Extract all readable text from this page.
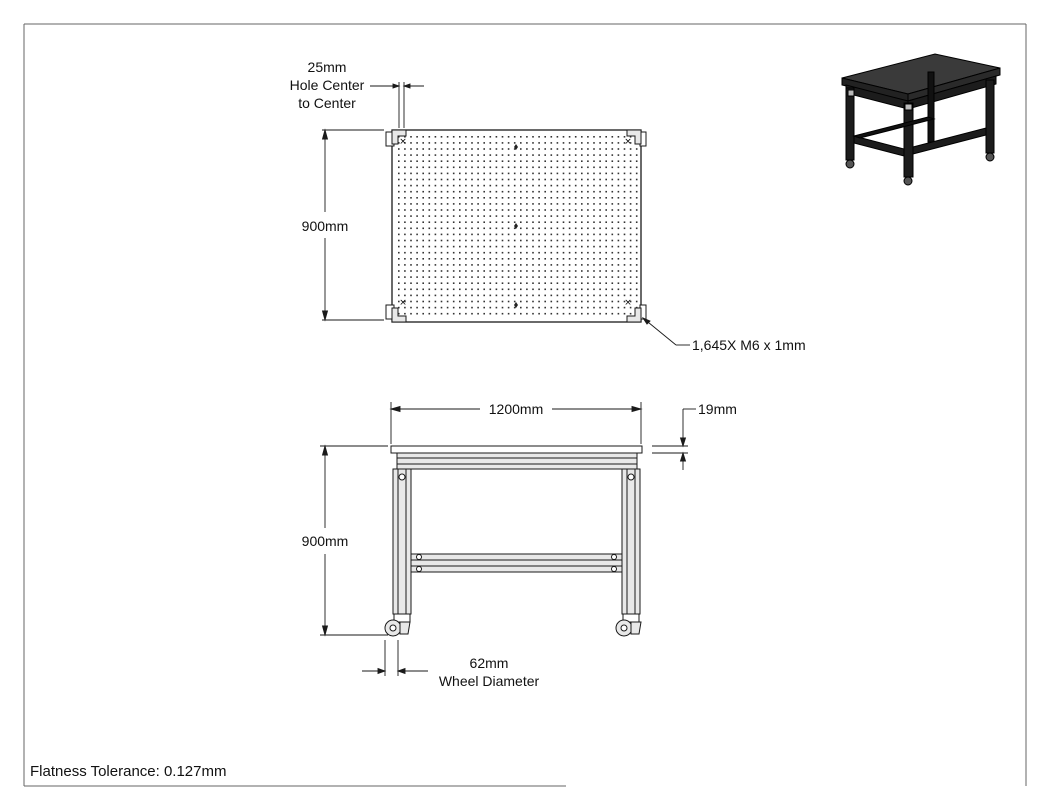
×	×
×	×
25mm
Hole Center
to Center
900mm
1,645X M6 x 1mm
1200mm	19mm
900mm
62mm
Wheel Diameter
Flatness Tolerance: 0.127mm
